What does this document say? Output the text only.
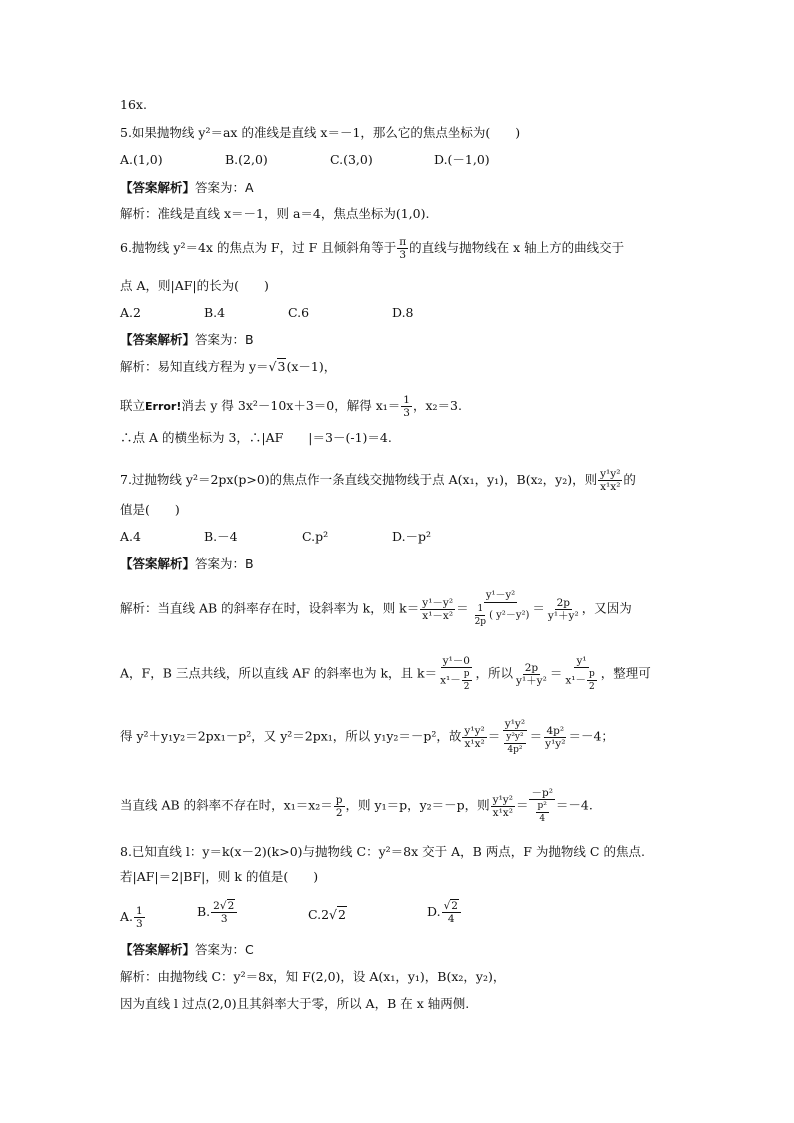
16x.
5.如果抛物线 y²＝ax 的准线是直线 x＝－1，那么它的焦点坐标为(　　)
A.(1,0)	B.(2,0)	C.(3,0)	D.(－1,0)
【答案解析】答案为：A
解析：准线是直线 x＝－1，则 a＝4，焦点坐标为(1,0).
6.抛物线 y²＝4x 的焦点为 F，过 F 且倾斜角等于 $\frac{\pi}{3}$ 的直线与抛物线在 x 轴上方的曲线交于
点 A，则|AF|的长为(　　)
A.2	B.4	C.6	D.8
【答案解析】答案为：B
解析：易知直线方程为 y＝√3(x－1)，
联立Error!消去 y 得 3x²－10x＋3＝0，解得 $x_1= \frac{1}{3}$ ，x₂＝3.
∴点 A 的横坐标为 3，∴|AF　　|＝3－(-1)＝4.
7.过抛物线 y²＝2px(p>0)的焦点作一条直线交抛物线于点 A(x₁，y₁)，B(x₂，y₂)，则 $\frac{\text{y¹y²}}{\text{x¹x²}}$ 的
值是(　　)
A.4	B.－4	C.p²	D.－p²
【答案解析】答案为：B
解析：当直线 AB 的斜率存在时，设斜率为 k，则 $k= \frac{\text{y¹－y²}}{\text{x¹－x²}} = \frac{\text{y¹－y²}}{\frac{1}{2p} ( y^2-y^2)} = \frac{2p}{\text{y¹＋y²}}$ ，又因为
A，F，B 三点共线，所以直线 AF 的斜率也为 k，且 $k= \frac{\text{y¹－0}}{x^1- \frac{p}{2}}$ ，所以 $\frac{2p}{\text{y¹＋y²}} = \frac{\text{y¹}}{x^1- \frac{p}{2}}$ ，整理可
得 y²＋y₁y₂＝2px₁－p²，又 y²＝2px₁，所以 y₁y₂＝－p²，故 $\frac{\text{y¹y²}}{\text{x¹x²}} = \frac{\text{y¹y²}}{\frac{\text{y²y²}}{\text{4p²}}} = \frac{\text{4p²}}{\text{y¹y²}} =-4$；
当直线 AB 的斜率不存在时，$x_1=x_2= \frac{p}{2}$ ，则 y₁＝p，y₂＝－p，则 $\frac{\text{y¹y²}}{\text{x¹x²}} = \frac{\text{－p²}}{\frac{\text{p²}}{4}} =-4$.
8.已知直线 l：y＝k(x－2)(k>0)与抛物线 C：y²＝8x 交于 A，B 两点，F 为抛物线 C 的焦点.
若|AF|＝2|BF|，则 k 的值是(　　)
A. $\frac{1}{3}$	B. $\frac{2√2}{3}$	C.2√2	D. $\frac{√2}{4}$
【答案解析】答案为：C
解析：由抛物线 C：y²＝8x，知 F(2,0)，设 A(x₁，y₁)，B(x₂，y₂)，
因为直线 l 过点(2,0)且其斜率大于零，所以 A，B 在 x 轴两侧.
